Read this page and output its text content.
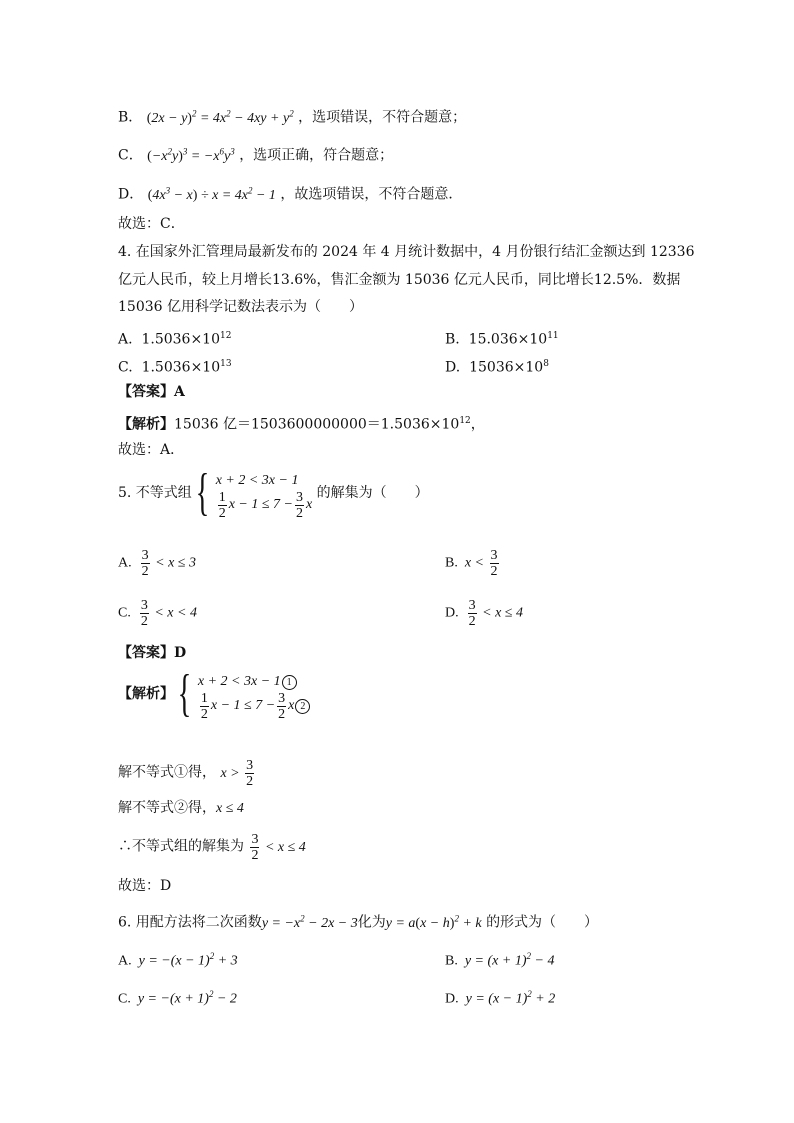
B． $(2x - y)^2 = 4x^2 - 4xy + y^2$ ，选项错误，不符合题意；
C． $(-x^2y)^3 = -x^6y^3$ ，选项正确，符合题意；
D． $(4x^3 - x) \div x = 4x^2 - 1$ ，故选项错误，不符合题意．
故选：C．
4. 在国家外汇管理局最新发布的 2024 年 4 月统计数据中，4 月份银行结汇金额达到 12336
亿元人民币，较上月增长13.6%，售汇金额为 15036 亿元人民币，同比增长12.5%．数据
15036 亿用科学记数法表示为（　　）
A. $1.5036\times 10^{12}$	B. $15.036\times 10^{11}$
C. $1.5036\times 10^{13}$	D. $15036\times 10^8$
【答案】A
【解析】15036 亿$=1503600000000=1.5036\times 10^{12}$，
故选：A．
5. 不等式组 { x + 2 < 3x − 1
$\frac{1}{2}$ $x - 1 \le 7 - \frac{3}{2}$ x
的解集为（　　）
A. $\frac{3}{2} < x \le 3$	B.  $x < \frac{3}{2}$
C. $\frac{3}{2} < x < 4$	D. $\frac{3}{2} < x \le 4$
【答案】D
【解析】 { x + 2 < 3x − 1 1
$\frac{1}{2}$ $x - 1 \le 7 - \frac{3}{2}$ x 2
解不等式①得， $x > \frac{3}{2}$
解不等式②得，x ≤ 4
∴不等式组的解集为 $\frac{3}{2} < x \le 4$
故选：D
6. 用配方法将二次函数$y = -x^2 - 2x - 3$化为$y = a(x - h)^2 + k$ 的形式为（　　）
A. $y = -(x - 1)^2 + 3$	B. $y = (x + 1)^2 - 4$
C. $y = -(x + 1)^2 - 2$	D. $y = (x - 1)^2 + 2$
